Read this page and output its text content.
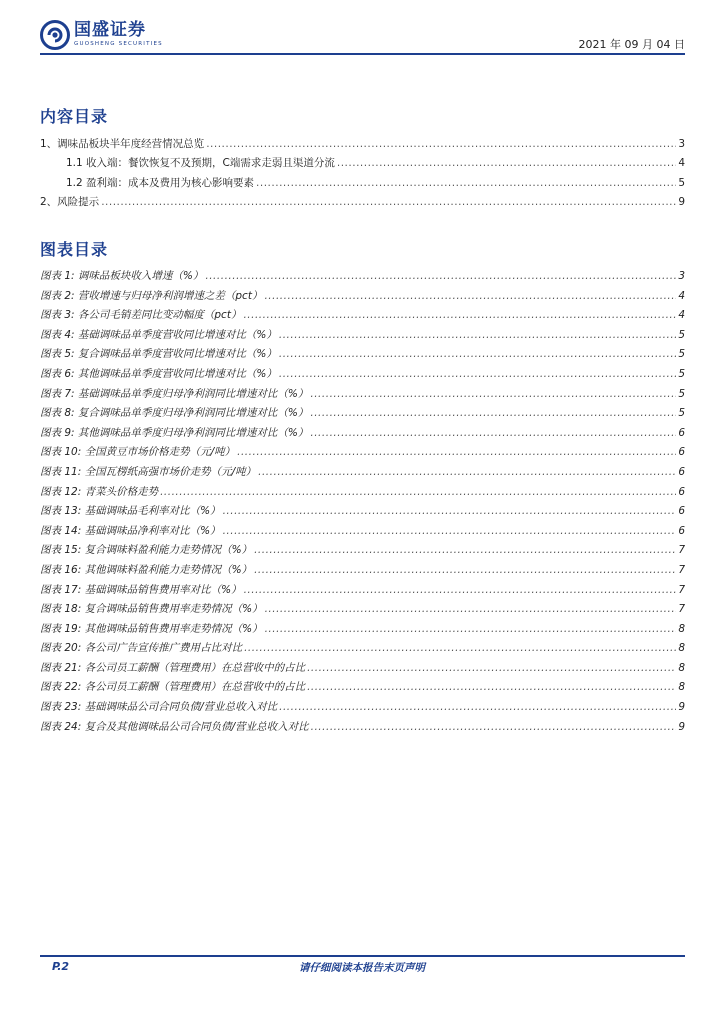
国盛证券
GUOSHENG SECURITIES	2021 年 09 月 04 日
内容目录
1、调味品板块半年度经营情况总览 .....	3
1.1 收入端：餐饮恢复不及预期，C端需求走弱且渠道分流 .....	4
1.2 盈利端：成本及费用为核心影响要素 .....	5
2、风险提示 .....	9
图表目录
图表 1: 调味品板块收入增速（%） .....	3
图表 2: 营收增速与归母净利润增速之差（pct） .....	4
图表 3: 各公司毛销差同比变动幅度（pct） .....	4
图表 4: 基础调味品单季度营收同比增速对比（%） .....	5
图表 5: 复合调味品单季度营收同比增速对比（%） .....	5
图表 6: 其他调味品单季度营收同比增速对比（%） .....	5
图表 7: 基础调味品单季度归母净利润同比增速对比（%） .....	5
图表 8: 复合调味品单季度归母净利润同比增速对比（%） .....	5
图表 9: 其他调味品单季度归母净利润同比增速对比（%） .....	6
图表 10: 全国黄豆市场价格走势（元/吨） .....	6
图表 11: 全国瓦楞纸高强市场价走势（元/吨） .....	6
图表 12: 青菜头价格走势 .....	6
图表 13: 基础调味品毛利率对比（%） .....	6
图表 14: 基础调味品净利率对比（%） .....	6
图表 15: 复合调味料盈利能力走势情况（%） .....	7
图表 16: 其他调味料盈利能力走势情况（%） .....	7
图表 17: 基础调味品销售费用率对比（%） .....	7
图表 18: 复合调味品销售费用率走势情况（%） .....	7
图表 19: 其他调味品销售费用率走势情况（%） .....	8
图表 20: 各公司广告宣传推广费用占比对比 .....	8
图表 21: 各公司员工薪酬（管理费用）在总营收中的占比 .....	8
图表 22: 各公司员工薪酬（管理费用）在总营收中的占比 .....	8
图表 23: 基础调味品公司合同负债/营业总收入对比 .....	9
图表 24: 复合及其他调味品公司合同负债/营业总收入对比 .....	9
P.2	请仔细阅读本报告末页声明
